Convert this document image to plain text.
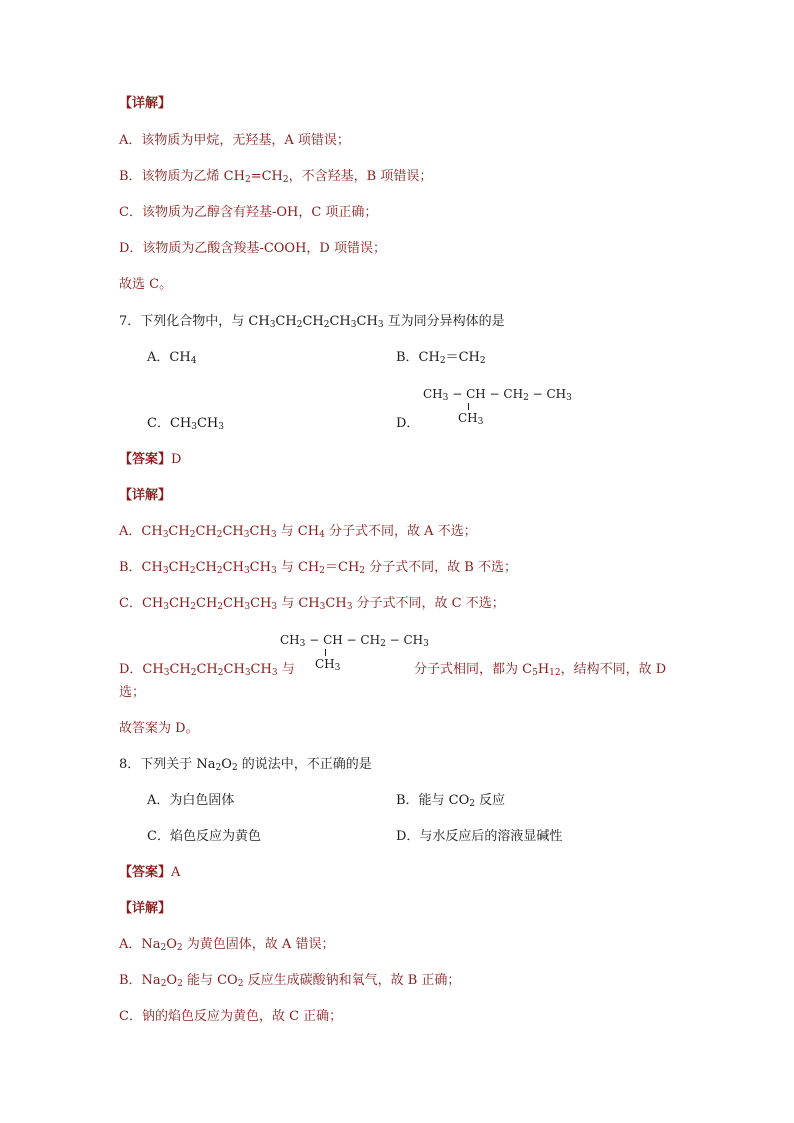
【详解】
A．该物质为甲烷，无羟基，A 项错误；
B．该物质为乙烯 $CH_2=CH_2$，不含羟基，B 项错误；
C．该物质为乙醇含有羟基-OH，C 项正确；
D．该物质为乙酸含羧基-COOH，D 项错误；
故选 C。
7．下列化合物中，与 $CH_3CH_2CH_2CH_3CH_3$ 互为同分异构体的是
A．$CH_4$	B．$CH_2=CH_2$
C．$CH_3CH_3$	D．
$CH_3$ − CH − $CH_2 - CH_3$
$CH_3$
【答案】D
【详解】
A．$CH_3CH_2CH_2CH_3CH_3$ 与 $CH_4$ 分子式不同，故 A 不选；
B．$CH_3CH_2CH_2CH_3CH_3$ 与 $CH_2=CH_2$ 分子式不同，故 B 不选；
C．$CH_3CH_2CH_2CH_3CH_3$ 与 $CH_3CH_3$ 分子式不同，故 C 不选；
$CH_3$ − CH − $CH_2 - CH_3$
$CH_3$
D．$CH_3CH_2CH_2CH_3CH_3$ 与	分子式相同，都为 $C_5H_{12}$，结构不同，故 D
选；
故答案为 D。
8．下列关于 $Na_2O_2$ 的说法中，不正确的是
A．为白色固体	B．能与 $CO_2$ 反应
C．焰色反应为黄色	D．与水反应后的溶液显碱性
【答案】A
【详解】
A．$Na_2O_2$ 为黄色固体，故 A 错误；
B．$Na_2O_2$ 能与 $CO_2$ 反应生成碳酸钠和氧气，故 B 正确；
C．钠的焰色反应为黄色，故 C 正确；
